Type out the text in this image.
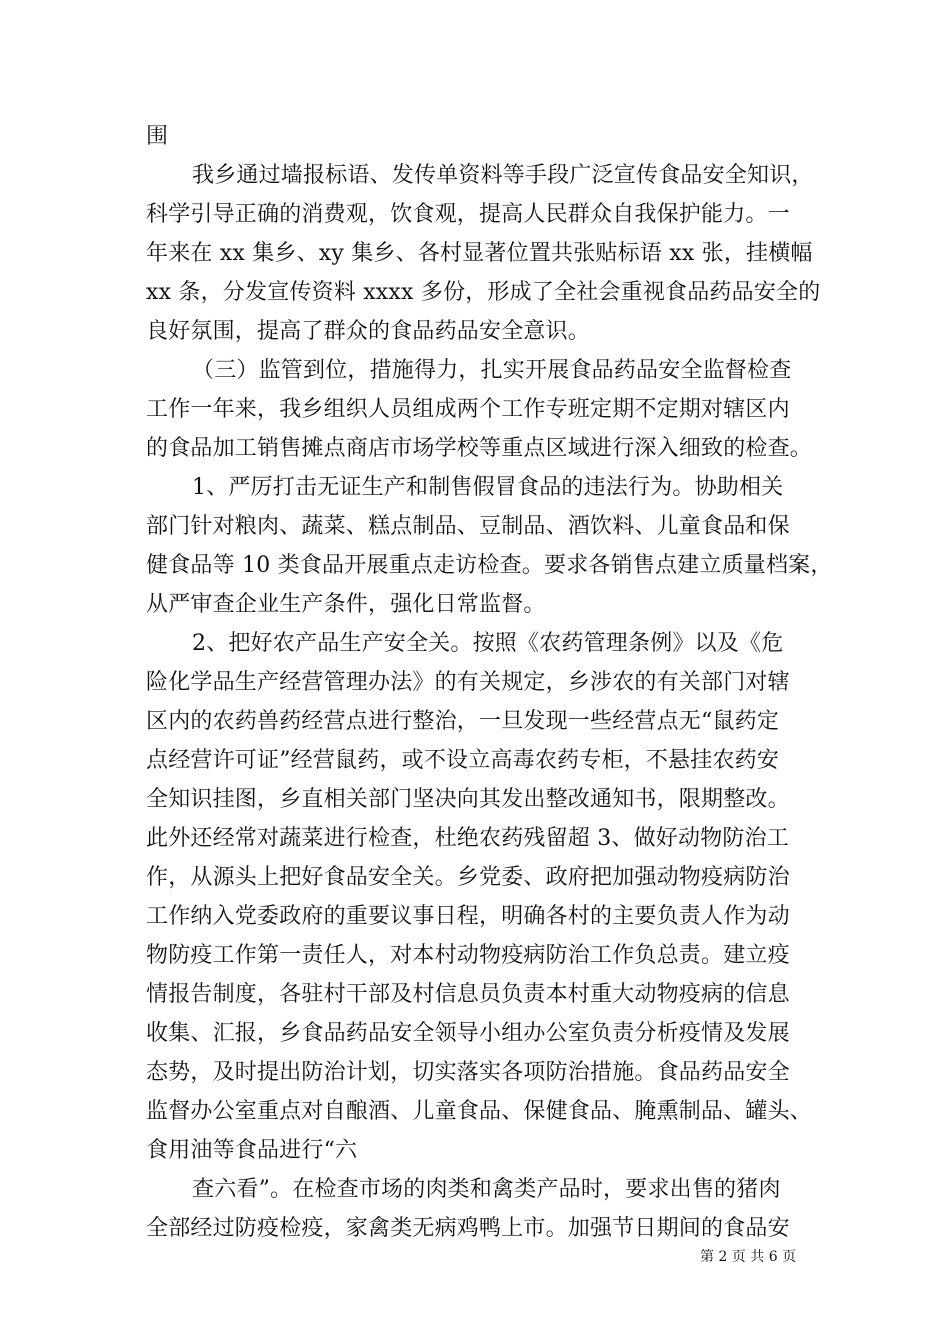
围
我乡通过墙报标语、发传单资料等手段广泛宣传食品安全知识，
科学引导正确的消费观，饮食观，提高人民群众自我保护能力。一
年来在 xx 集乡、xy 集乡、各村显著位置共张贴标语 xx 张，挂横幅
xx 条，分发宣传资料 xxxx 多份，形成了全社会重视食品药品安全的
良好氛围，提高了群众的食品药品安全意识。
（三）监管到位，措施得力，扎实开展食品药品安全监督检查
工作一年来，我乡组织人员组成两个工作专班定期不定期对辖区内
的食品加工销售摊点商店市场学校等重点区域进行深入细致的检查。
1、严厉打击无证生产和制售假冒食品的违法行为。协助相关
部门针对粮肉、蔬菜、糕点制品、豆制品、酒饮料、儿童食品和保
健食品等 10 类食品开展重点走访检查。要求各销售点建立质量档案，
从严审查企业生产条件，强化日常监督。
2、把好农产品生产安全关。按照《农药管理条例》以及《危
险化学品生产经营管理办法》的有关规定，乡涉农的有关部门对辖
区内的农药兽药经营点进行整治，一旦发现一些经营点无“鼠药定
点经营许可证”经营鼠药，或不设立高毒农药专柜，不悬挂农药安
全知识挂图，乡直相关部门坚决向其发出整改通知书，限期整改。
此外还经常对蔬菜进行检查，杜绝农药残留超 3、做好动物防治工
作，从源头上把好食品安全关。乡党委、政府把加强动物疫病防治
工作纳入党委政府的重要议事日程，明确各村的主要负责人作为动
物防疫工作第一责任人，对本村动物疫病防治工作负总责。建立疫
情报告制度，各驻村干部及村信息员负责本村重大动物疫病的信息
收集、汇报，乡食品药品安全领导小组办公室负责分析疫情及发展
态势，及时提出防治计划，切实落实各项防治措施。食品药品安全
监督办公室重点对自酿酒、儿童食品、保健食品、腌熏制品、罐头、
食用油等食品进行“六
查六看”。在检查市场的肉类和禽类产品时，要求出售的猪肉
全部经过防疫检疫，家禽类无病鸡鸭上市。加强节日期间的食品安
第 2 页 共 6 页
